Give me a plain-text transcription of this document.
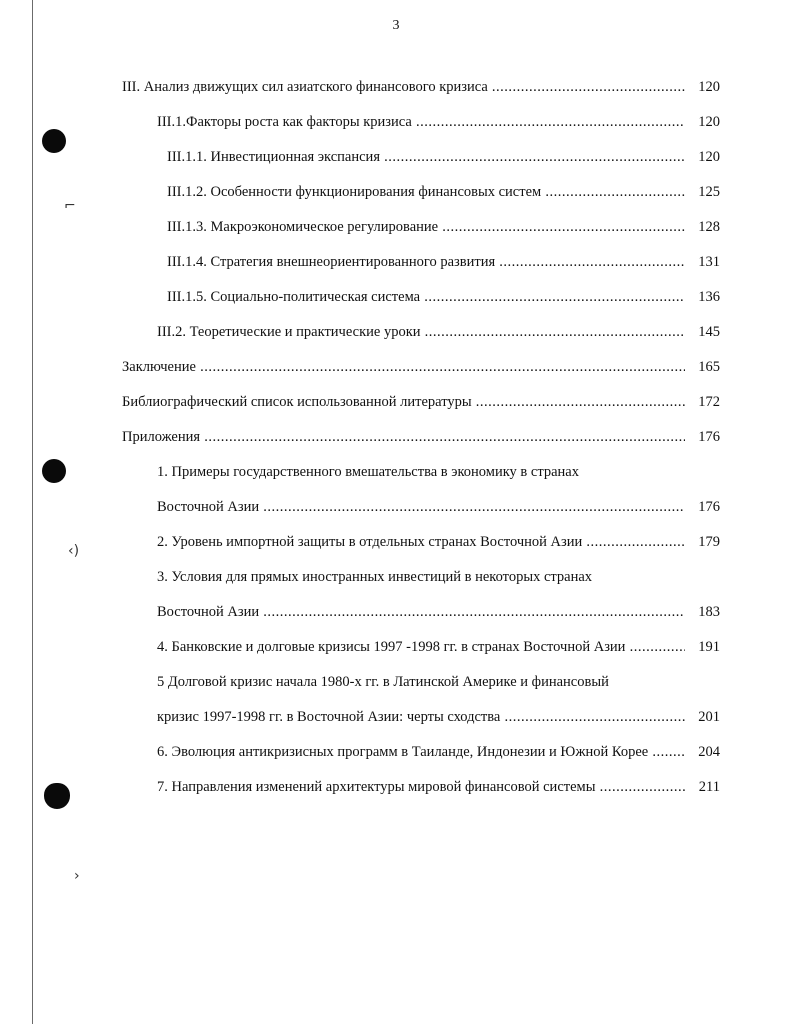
⌐
‹)
›
3
III. Анализ движущих сил азиатского финансового кризиса .....	120
III.1.Факторы роста как факторы кризиса .....	120
III.1.1. Инвестиционная экспансия .....	120
III.1.2. Особенности функционирования финансовых систем .....	125
III.1.3. Макроэкономическое регулирование .....	128
III.1.4. Стратегия внешнеориентированного развития .....	131
III.1.5. Социально-политическая система .....	136
III.2. Теоретические и практические уроки .....	145
Заключение .....	165
Библиографический список использованной литературы .....	172
Приложения .....	176
1. Примеры государственного вмешательства в экономику в странах
Восточной Азии .....	176
2. Уровень импортной защиты в отдельных странах Восточной Азии .....	179
3. Условия для прямых иностранных инвестиций в некоторых странах
Восточной Азии .....	183
4. Банковские и долговые кризисы 1997 -1998 гг. в странах Восточной Азии .....	191
5 Долговой кризис начала 1980-х гг. в Латинской Америке и финансовый
кризис 1997-1998 гг. в Восточной Азии: черты сходства .....	201
6. Эволюция антикризисных программ в Таиланде, Индонезии и Южной Корее .....	204
7. Направления изменений архитектуры мировой финансовой системы .....	211
